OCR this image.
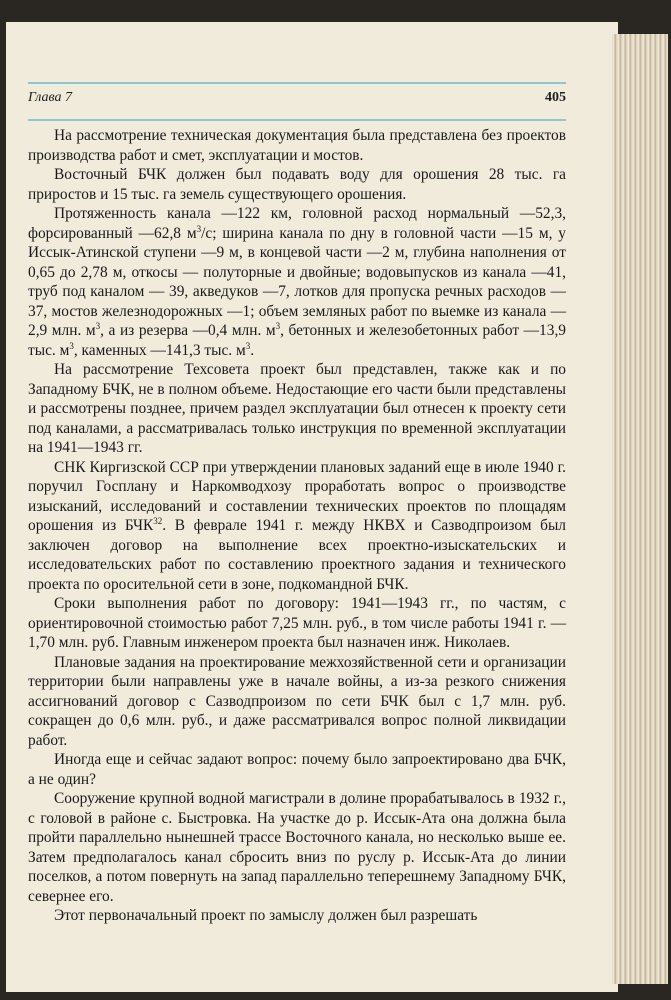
Глава 7	405

На рассмотрение техническая документация была представлена без проектов производства работ и смет, эксплуатации и мостов.

Восточный БЧК должен был подавать воду для орошения 28 тыс. га приростов и 15 тыс. га земель существующего орошения.

Протяженность канала —122 км, головной расход нормальный —52,3, форсированный —62,8 $м^3/с$; ширина канала по дну в головной части —15 м, у Иссык-Атинской ступени —9 м, в концевой части —2 м, глубина наполнения от 0,65 до 2,78 м, откосы — полуторные и двойные; водовыпусков из канала —41, труб под каналом — 39, акведуков —7, лотков для пропуска речных расходов —37, мостов железнодорожных —1; объем земляных работ по выемке из канала —2,9 млн. $м^3$, а из резерва —0,4 млн. $м^3$, бетонных и железобетонных работ —13,9 тыс. $м^3$, каменных —141,3 тыс. $м^3$.

На рассмотрение Техсовета проект был представлен, также как и по Западному БЧК, не в полном объеме. Недостающие его части были представлены и рассмотрены позднее, причем раздел эксплуатации был отнесен к проекту сети под каналами, а рассматривалась только инструкция по временной эксплуатации на 1941—1943 гг.

СНК Киргизской ССР при утверждении плановых заданий еще в июле 1940 г. поручил Госплану и Наркомводхозу проработать вопрос о производстве изысканий, исследований и составлении технических проектов по площадям орошения из БЧК$^{32}$. В феврале 1941 г. между НКВХ и Сазводпроизом был заключен договор на выполнение всех проектно-изыскательских и исследовательских работ по составлению проектного задания и технического проекта по оросительной сети в зоне, подкомандной БЧК.

Сроки выполнения работ по договору: 1941—1943 гг., по частям, с ориентировочной стоимостью работ 7,25 млн. руб., в том числе работы 1941 г. —1,70 млн. руб. Главным инженером проекта был назначен инж. Николаев.

Плановые задания на проектирование межхозяйственной сети и организации территории были направлены уже в начале войны, а из-за резкого снижения ассигнований договор с Сазводпроизом по сети БЧК был с 1,7 млн. руб. сокращен до 0,6 млн. руб., и даже рассматривался вопрос полной ликвидации работ.

Иногда еще и сейчас задают вопрос: почему было запроектировано два БЧК, а не один?

Сооружение крупной водной магистрали в долине прорабатывалось в 1932 г., с головой в районе с. Быстровка. На участке до р. Иссык-Ата она должна была пройти параллельно нынешней трассе Восточного канала, но несколько выше ее. Затем предполагалось канал сбросить вниз по руслу р. Иссык-Ата до линии поселков, а потом повернуть на запад параллельно теперешнему Западному БЧК, севернее его.

Этот первоначальный проект по замыслу должен был разрешать
